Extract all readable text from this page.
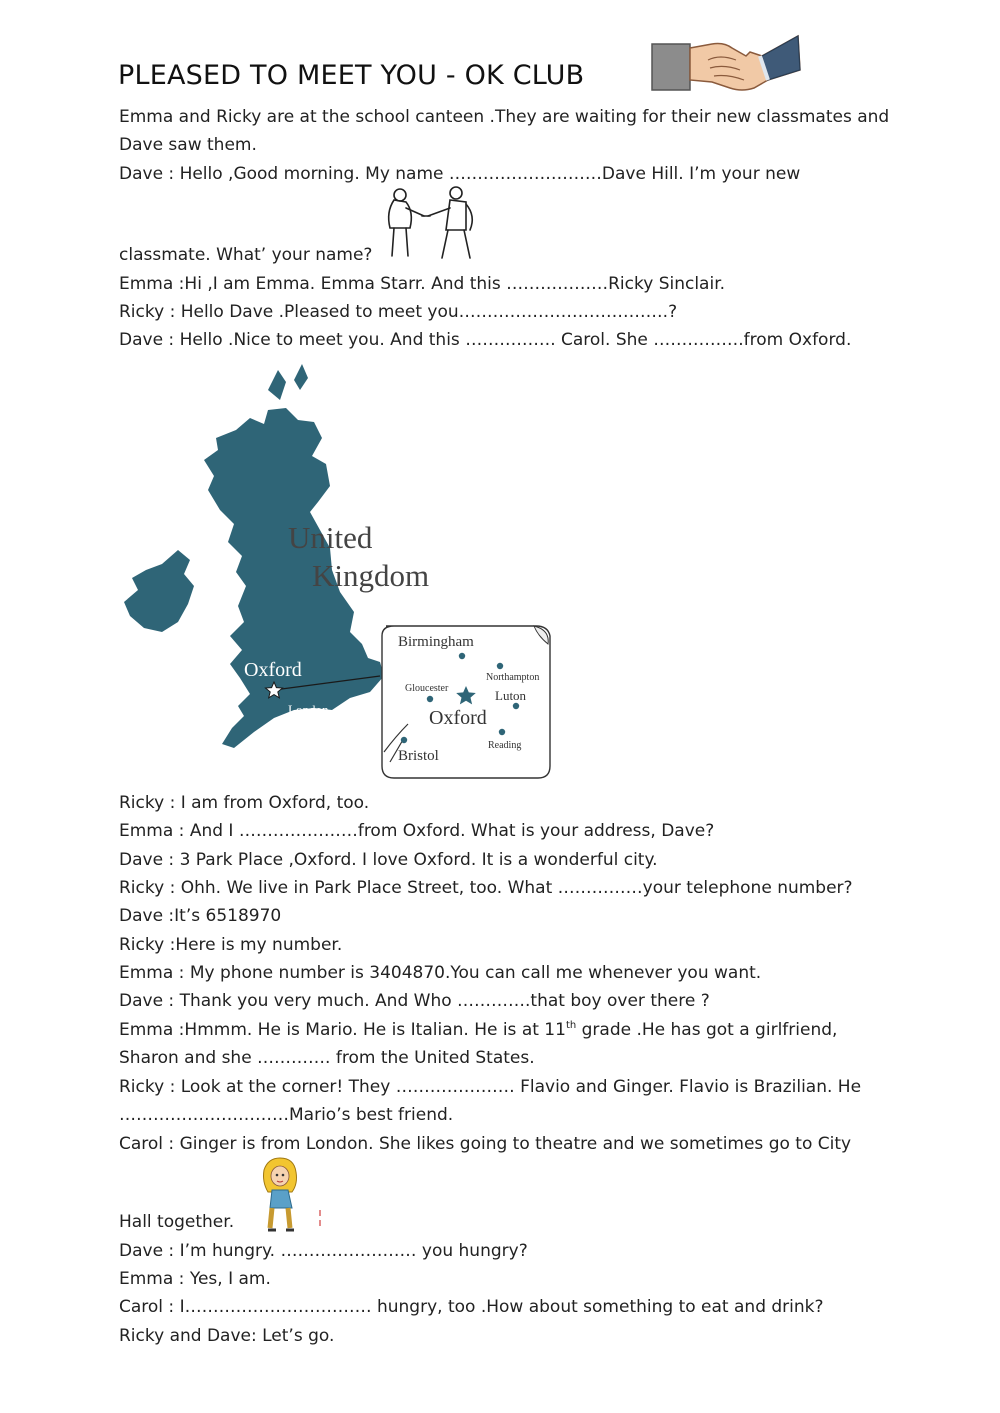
PLEASED TO MEET YOU - OK CLUB

Emma and Ricky are at the school canteen .They are waiting for their new classmates and

Dave saw them.

Dave : Hello ,Good morning. My name ………………………Dave Hill. I’m your new

classmate. What’ your name?

Emma :Hi ,I am Emma. Emma Starr. And this ………………Ricky Sinclair.

Ricky : Hello Dave .Pleased to meet you……………………………….?

Dave : Hello .Nice to meet you. And this ……………. Carol. She …………….from Oxford.

Oxford
London
United
Kingdom
Birmingham
Northampton
Gloucester	Luton
Oxford
Reading
Bristol

Ricky : I am from Oxford, too.

Emma : And I …………………from Oxford. What is your address, Dave?

Dave : 3 Park Place ,Oxford. I love Oxford. It is a wonderful city.

Ricky : Ohh. We live in Park Place Street, too. What ……………your telephone number?

Dave :It’s 6518970

Ricky :Here is my number.

Emma : My phone number is 3404870.You can call me whenever you want.

Dave : Thank you very much. And Who ………….that boy over there ?

Emma :Hmmm. He is Mario. He is Italian. He is at 11th grade .He has got a girlfriend,

Sharon and she …………. from the United States.

Ricky : Look at the corner! They ………………… Flavio and Ginger. Flavio is Brazilian. He

…………………………Mario’s best friend.

Carol : Ginger is from London. She likes going to theatre and we sometimes go to City

Hall together.

Dave : I’m hungry. …………………… you hungry?

Emma : Yes, I am.

Carol : I…………………………… hungry, too .How about something to eat and drink?

Ricky and Dave: Let’s go.
